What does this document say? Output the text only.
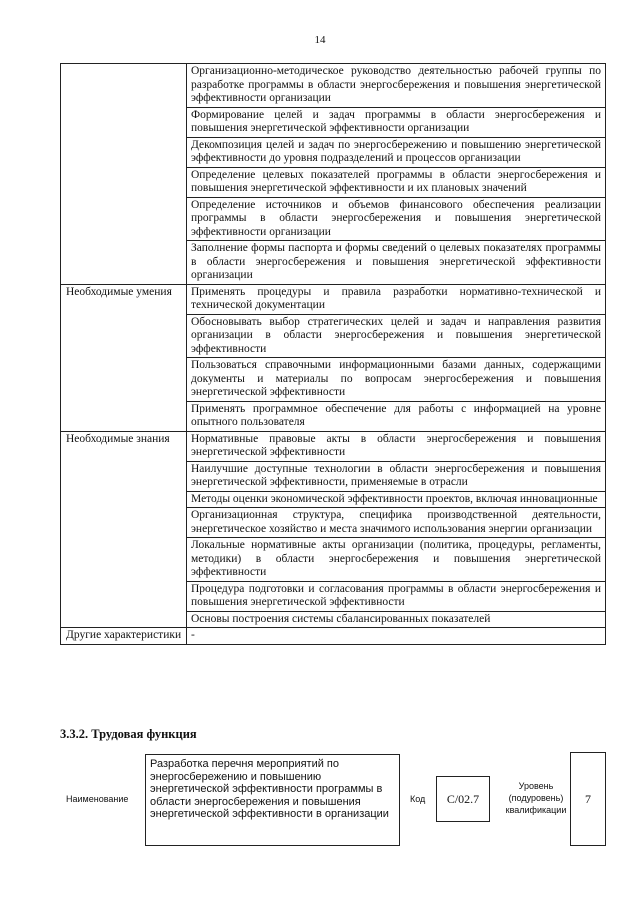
14
	Организационно-методическое руководство деятельностью рабочей группы по разработке программы в области энергосбережения и повышения энергетической эффективности организации
	Формирование целей и задач программы в области энергосбережения и повышения энергетической эффективности организации
	Декомпозиция целей и задач по энергосбережению и повышению энергетической эффективности до уровня подразделений и процессов организации
	Определение целевых показателей программы в области энергосбережения и повышения энергетической эффективности и их плановых значений
	Определение источников и объемов финансового обеспечения реализации программы в области энергосбережения и повышения энергетической эффективности организации
	Заполнение формы паспорта и формы сведений о целевых показателях программы в области энергосбережения и повышения энергетической эффективности организации
Необходимые умения	Применять процедуры и правила разработки нормативно-технической и технической документации
	Обосновывать выбор стратегических целей и задач и направления развития организации в области энергосбережения и повышения энергетической эффективности
	Пользоваться справочными информационными базами данных, содержащими документы и материалы по вопросам энергосбережения и повышения энергетической эффективности
	Применять программное обеспечение для работы с информацией на уровне опытного пользователя
Необходимые знания	Нормативные правовые акты в области энергосбережения и повышения энергетической эффективности
	Наилучшие доступные технологии в области энергосбережения и повышения энергетической эффективности, применяемые в отрасли
	Методы оценки экономической эффективности проектов, включая инновационные
	Организационная структура, специфика производственной деятельности, энергетическое хозяйство и места значимого использования энергии организации
	Локальные нормативные акты организации (политика, процедуры, регламенты, методики) в области энергосбережения и повышения энергетической эффективности
	Процедура подготовки и согласования программы в области энергосбережения и повышения энергетической эффективности
	Основы построения системы сбалансированных показателей
Другие характеристики	-
3.3.2. Трудовая функция
Наименование
Разработка перечня мероприятий по энергосбережению и повышению энергетической эффективности программы в области энергосбережения и повышения энергетической эффективности в организации
Код	C/02.7
Уровень (подуровень) квалификации
7
